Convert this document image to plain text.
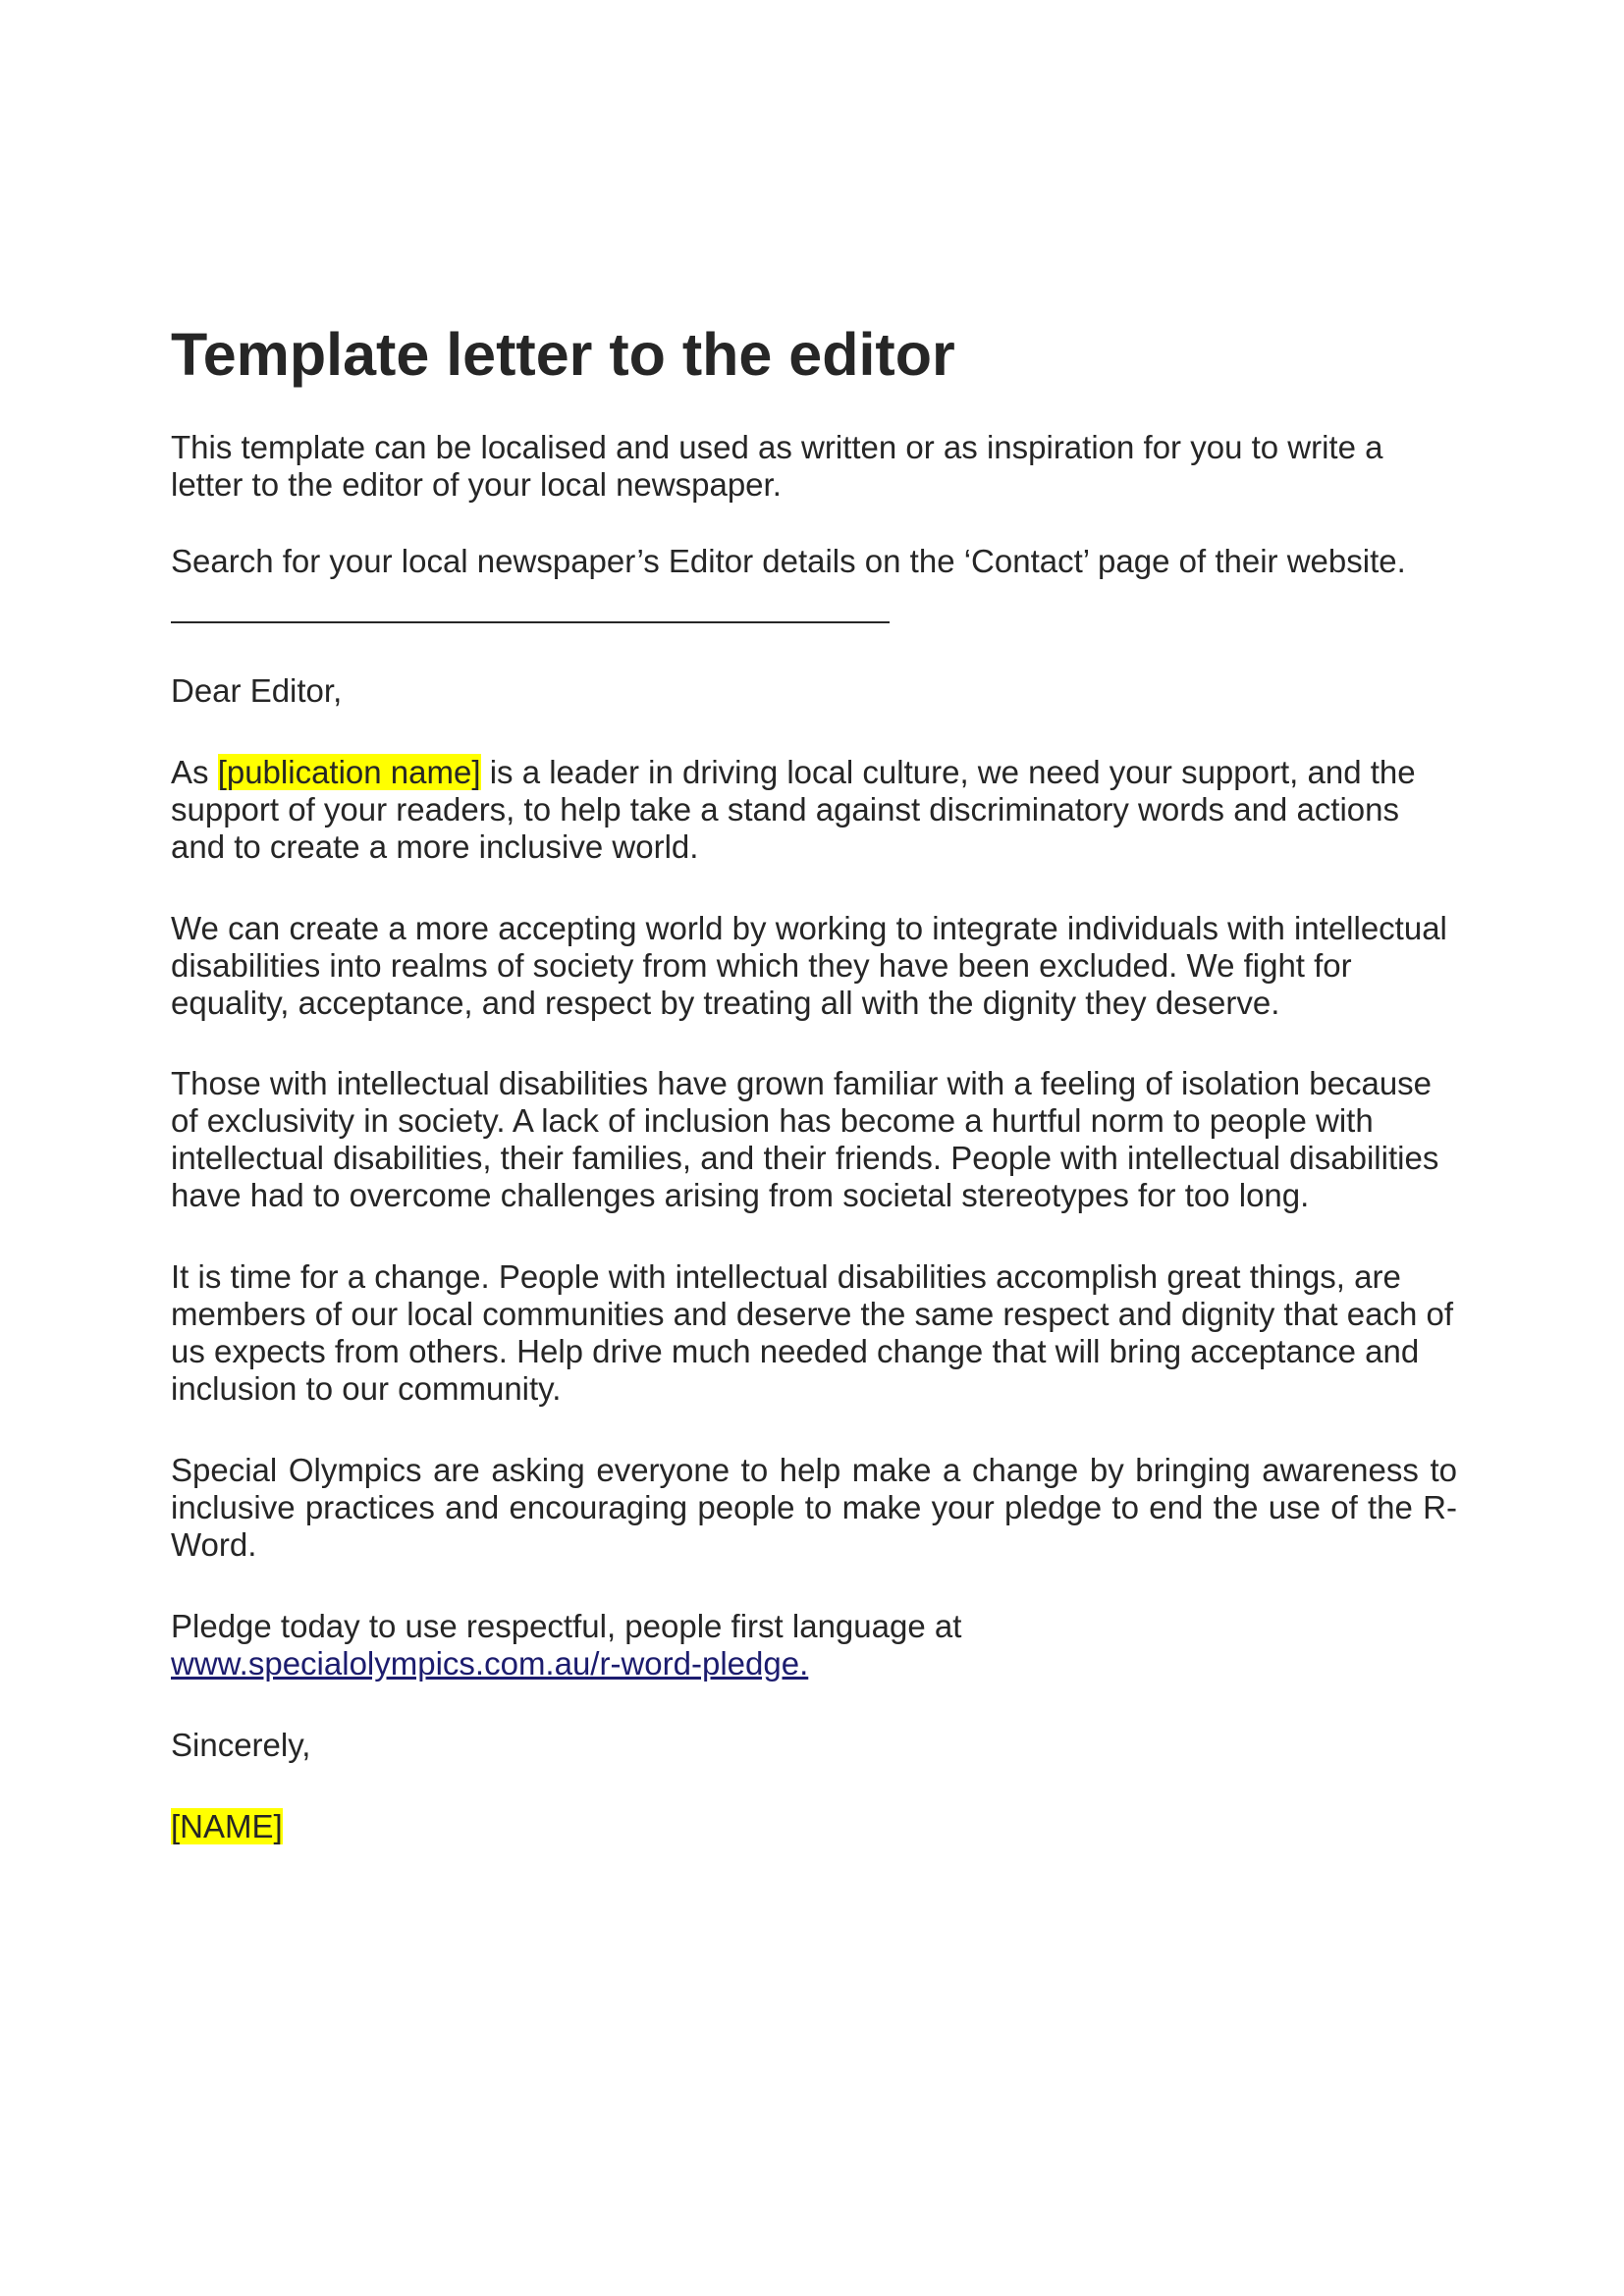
Template letter to the editor

This template can be localised and used as written or as inspiration for you to write a letter to the editor of your local newspaper.

Search for your local newspaper’s Editor details on the ‘Contact’ page of their website.

Dear Editor,

As [publication name] is a leader in driving local culture, we need your support, and the support of your readers, to help take a stand against discriminatory words and actions and to create a more inclusive world.

We can create a more accepting world by working to integrate individuals with intellectual disabilities into realms of society from which they have been excluded. We fight for equality, acceptance, and respect by treating all with the dignity they deserve.

Those with intellectual disabilities have grown familiar with a feeling of isolation because of exclusivity in society. A lack of inclusion has become a hurtful norm to people with intellectual disabilities, their families, and their friends. People with intellectual disabilities have had to overcome challenges arising from societal stereotypes for too long.

It is time for a change. People with intellectual disabilities accomplish great things, are members of our local communities and deserve the same respect and dignity that each of us expects from others. Help drive much needed change that will bring acceptance and inclusion to our community.

Special Olympics are asking everyone to help make a change by bringing awareness to inclusive practices and encouraging people to make your pledge to end the use of the R-Word.

Pledge today to use respectful, people first language at
www.specialolympics.com.au/r-word-pledge.

Sincerely,

[NAME]
